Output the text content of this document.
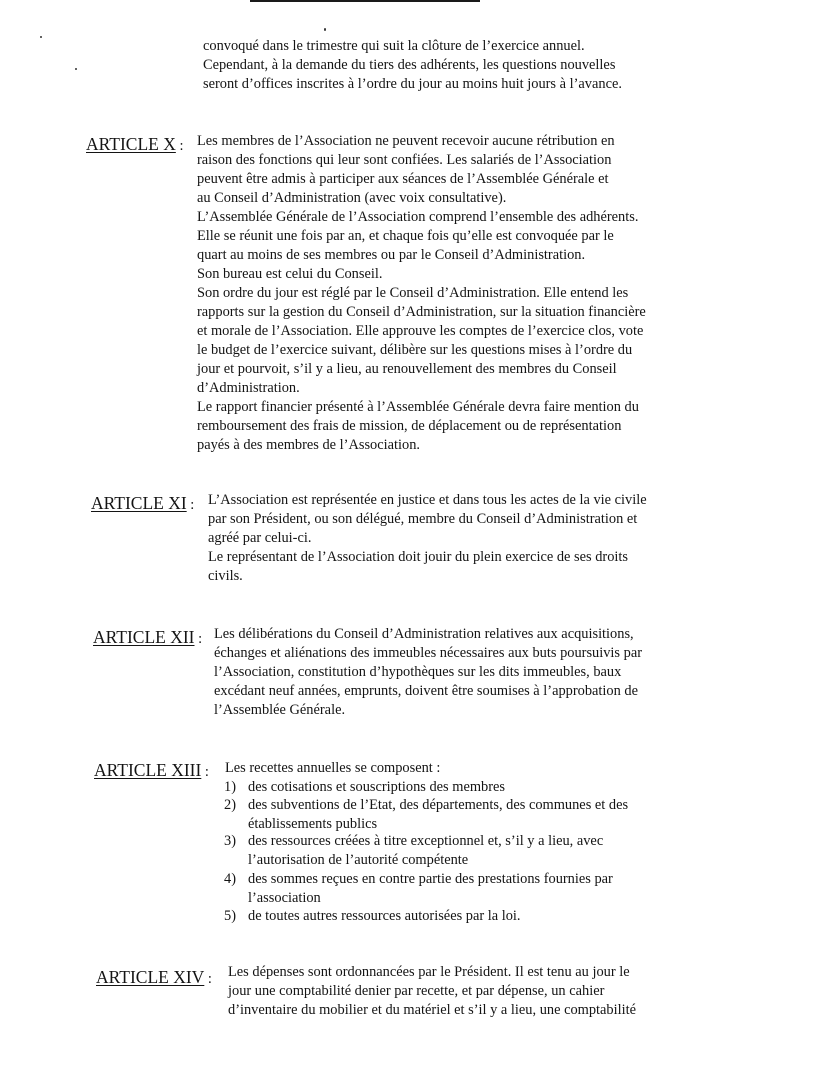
convoqué dans le trimestre qui suit la clôture de l’exercice annuel.
Cependant, à la demande du tiers des adhérents, les questions nouvelles
seront d’offices inscrites à l’ordre du jour au moins huit jours à l’avance.
ARTICLE X : Les membres de l’Association ne peuvent recevoir aucune rétribution en
raison des fonctions qui leur sont confiées. Les salariés de l’Association
peuvent être admis à participer aux séances de l’Assemblée Générale et
au Conseil d’Administration (avec voix consultative).
L’Assemblée Générale de l’Association comprend l’ensemble des adhérents.
Elle se réunit une fois par an, et chaque fois qu’elle est convoquée par le
quart au moins de ses membres ou par le Conseil d’Administration.
Son bureau est celui du Conseil.
Son ordre du jour est réglé par le Conseil d’Administration. Elle entend les
rapports sur la gestion du Conseil d’Administration, sur la situation financière
et morale de l’Association. Elle approuve les comptes de l’exercice clos, vote
le budget de l’exercice suivant, délibère sur les questions mises à l’ordre du
jour et pourvoit, s’il y a lieu, au renouvellement des membres du Conseil
d’Administration.
Le rapport financier présenté à l’Assemblée Générale devra faire mention du
remboursement des frais de mission, de déplacement ou de représentation
payés à des membres de l’Association.
ARTICLE XI : L’Association est représentée en justice et dans tous les actes de la vie civile
par son Président, ou son délégué, membre du Conseil d’Administration et
agréé par celui-ci.
Le représentant de l’Association doit jouir du plein exercice de ses droits
civils.
ARTICLE XII : Les délibérations du Conseil d’Administration relatives aux acquisitions,
échanges et aliénations des immeubles nécessaires aux buts poursuivis par
l’Association, constitution d’hypothèques sur les dits immeubles, baux
excédant neuf années, emprunts, doivent être soumises à l’approbation de
l’Assemblée Générale.
ARTICLE XIII : Les recettes annuelles se composent :
1) des cotisations et souscriptions des membres
2) des subventions de l’Etat, des départements, des communes et des
établissements publics
3) des ressources créées à titre exceptionnel et, s’il y a lieu, avec
l’autorisation de l’autorité compétente
4) des sommes reçues en contre partie des prestations fournies par
l’association
5) de toutes autres ressources autorisées par la loi.
ARTICLE XIV : Les dépenses sont ordonnancées par le Président. Il est tenu au jour le
jour une comptabilité denier par recette, et par dépense, un cahier
d’inventaire du mobilier et du matériel et s’il y a lieu, une comptabilité
